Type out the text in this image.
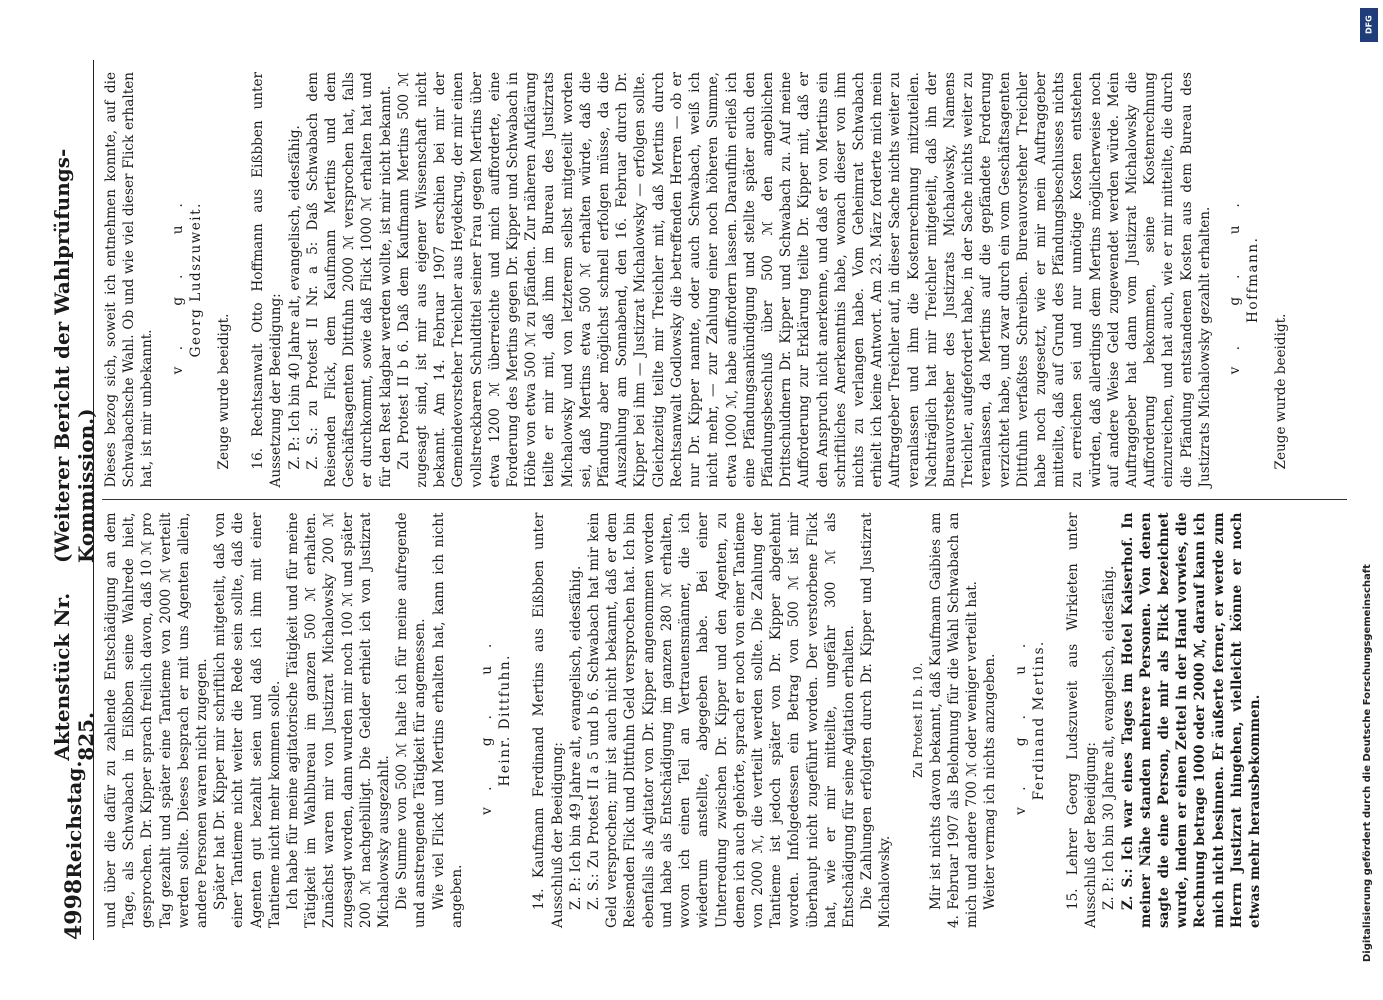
4998
Reichstag.
Aktenstück Nr. 825.
(Weiterer Bericht der Wahlprüfungs-Kommission.)

und über die dafür zu zahlende Entschädigung an dem Tage, als Schwabach in Eißbben seine Wahlrede hielt, gesprochen. Dr. Kipper sprach freilich davon, daß 10 ℳ pro Tag gezahlt und später eine Tantieme von 2000 ℳ verteilt werden sollte. Dieses besprach er mit uns Agenten allein, andere Personen waren nicht zugegen. Später hat Dr. Kipper mir schriftlich mitgeteilt, daß von einer Tantieme nicht weiter die Rede sein sollte, daß die Agenten gut bezahlt seien und daß ich ihm mit einer Tantieme nicht mehr kommen solle. Ich habe für meine agitatorische Tätigkeit und für meine Tätigkeit im Wahlbureau im ganzen 500 ℳ erhalten. Zunächst waren mir von Justizrat Michalowsky 200 ℳ zugesagt worden, dann wurden mir noch 100 ℳ und später 200 ℳ nachgebilligt. Die Gelder erhielt ich von Justizrat Michalowsky ausgezahlt. Die Summe von 500 ℳ halte ich für meine aufregende und anstrengende Tätigkeit für angemessen. Wie viel Flick und Mertins erhalten hat, kann ich nicht angeben.

v. g. u. Heinr. Dittfuhn. 14. Kaufmann Ferdinand Mertins aus Eißbben unter Ausschluß der Beeidigung: Z. P.: Ich bin 49 Jahre alt, evangelisch, eidesfähig. Z. S.: Zu Protest II a 5 und b 6. Schwabach hat mir kein Geld versprochen; mir ist auch nicht bekannt, daß er dem Reisenden Flick und Dittfuhn Geld versprochen hat. Ich bin ebenfalls als Agitator von Dr. Kipper angenommen worden und habe als Entschädigung im ganzen 280 ℳ erhalten, wovon ich einen Teil an Vertrauensmänner, die ich wiederum anstellte, abgegeben habe. Bei einer Unterredung zwischen Dr. Kipper und den Agenten, zu denen ich auch gehörte, sprach er noch von einer Tantieme von 2000 ℳ, die verteilt werden sollte. Die Zahlung der Tantieme ist jedoch später von Dr. Kipper abgelehnt worden. Infolgedessen ein Betrag von 500 ℳ ist mir überhaupt nicht zugeführt worden. Der verstorbene Flick hat, wie er mir mitteilte, ungefähr 300 ℳ als Entschädigung für seine Agitation erhalten. Die Zahlungen erfolgten durch Dr. Kipper und Justizrat Michalowsky.

Zu Protest II b. 10. Mir ist nichts davon bekannt, daß Kaufmann Gaibies am 4. Februar 1907 als Belohnung für die Wahl Schwabach an mich und andere 700 ℳ oder weniger verteilt hat. Weiter vermag ich nichts anzugeben. v. g. u. Ferdinand Mertins. 15. Lehrer Georg Ludszuweit aus Wirkieten unter Ausschluß der Beeidigung: Z. P.: Ich bin 30 Jahre alt, evangelisch, eidesfähig. Z. S.: Ich war eines Tages im Hotel Kaiserhof. In meiner Nähe standen mehrere Personen. Von denen sagte die eine Person, die mir als Flick bezeichnet wurde, indem er einen Zettel in der Hand vorwies, die Rechnung betrage 1000 oder 2000 ℳ, darauf kann ich mich nicht besinnen. Er äußerte ferner, er werde zum Herrn Justizrat hingehen, vielleicht könne er noch etwas mehr herausbekommen.

Dieses bezog sich, soweit ich entnehmen konnte, auf die Schwabachsche Wahl. Ob und wie viel dieser Flick erhalten hat, ist mir unbekannt.

v. g. u. Georg Ludszuweit.

Zeuge wurde beeidigt. 16. Rechtsanwalt Otto Hoffmann aus Eißbben unter Aussetzung der Beeidigung: Z. P.: Ich bin 40 Jahre alt, evangelisch, eidesfähig. Z. S.: zu Protest II Nr. a 5: Daß Schwabach dem Reisenden Flick, dem Kaufmann Mertins und dem Geschäftsagenten Dittfuhn 2000 ℳ versprochen hat, falls er durchkommt, sowie daß Flick 1000 ℳ erhalten hat und für den Rest klagbar werden wollte, ist mir nicht bekannt. Zu Protest II b 6. Daß dem Kaufmann Mertins 500 ℳ zugesagt sind, ist mir aus eigener Wissenschaft nicht bekannt. Am 14. Februar 1907 erschien bei mir der Gemeindevorsteher Treichler aus Heydekrug, der mir einen vollstreckbaren Schuldtitel seiner Frau gegen Mertins über etwa 1200 ℳ überreichte und mich aufforderte, eine Forderung des Mertins gegen Dr. Kipper und Schwabach in Höhe von etwa 500 ℳ zu pfänden. Zur näheren Aufklärung teilte er mir mit, daß ihm im Bureau des Justizrats Michalowsky und von letzterem selbst mitgeteilt worden sei, daß Mertins etwa 500 ℳ erhalten würde, daß die Pfändung aber möglichst schnell erfolgen müsse, da die Auszahlung am Sonnabend, den 16. Februar durch Dr. Kipper bei ihm — Justizrat Michalowsky — erfolgen sollte. Gleichzeitig teilte mir Treichler mit, daß Mertins durch Rechtsanwalt Godlowsky die betreffenden Herren — ob er nur Dr. Kipper nannte, oder auch Schwabach, weiß ich nicht mehr, — zur Zahlung einer noch höheren Summe, etwa 1000 ℳ, habe auffordern lassen. Daraufhin erließ ich eine Pfändungsankündigung und stellte später auch den Pfändungsbeschluß über 500 ℳ den angeblichen Drittschuldnern Dr. Kipper und Schwabach zu. Auf meine Aufforderung zur Erklärung teilte Dr. Kipper mit, daß er den Anspruch nicht anerkenne, und daß er von Mertins ein schriftliches Anerkenntnis habe, wonach dieser von ihm nichts zu verlangen habe. Vom Geheimrat Schwabach erhielt ich keine Antwort. Am 23. März forderte mich mein Auftraggeber Treichler auf, in dieser Sache nichts weiter zu veranlassen und ihm die Kostenrechnung mitzuteilen. Nachträglich hat mir Treichler mitgeteilt, daß ihn der Bureauvorsteher des Justizrats Michalowsky, Namens Treichler, aufgefordert habe, in der Sache nichts weiter zu veranlassen, da Mertins auf die gepfändete Forderung verzichtet habe, und zwar durch ein vom Geschäftsagenten Dittfuhn verfaßtes Schreiben. Bureauvorsteher Treichler habe noch zugesetzt, wie er mir mein Auftraggeber mitteilte, daß auf Grund des Pfändungsbeschlusses nichts zu erreichen sei und nur unnötige Kosten entstehen würden, daß allerdings dem Mertins möglicherweise noch auf andere Weise Geld zugewendet werden würde. Mein Auftraggeber hat dann vom Justizrat Michalowsky die Aufforderung bekommen, seine Kostenrechnung einzureichen, und hat auch, wie er mir mitteilte, die durch die Pfändung entstandenen Kosten aus dem Bureau des Justizrats Michalowsky gezahlt erhalten. v. g. u. Hoffmann.

Zeuge wurde beeidigt.

DFG
Digitalisierung gefördert durch die Deutsche Forschungsgemeinschaft
